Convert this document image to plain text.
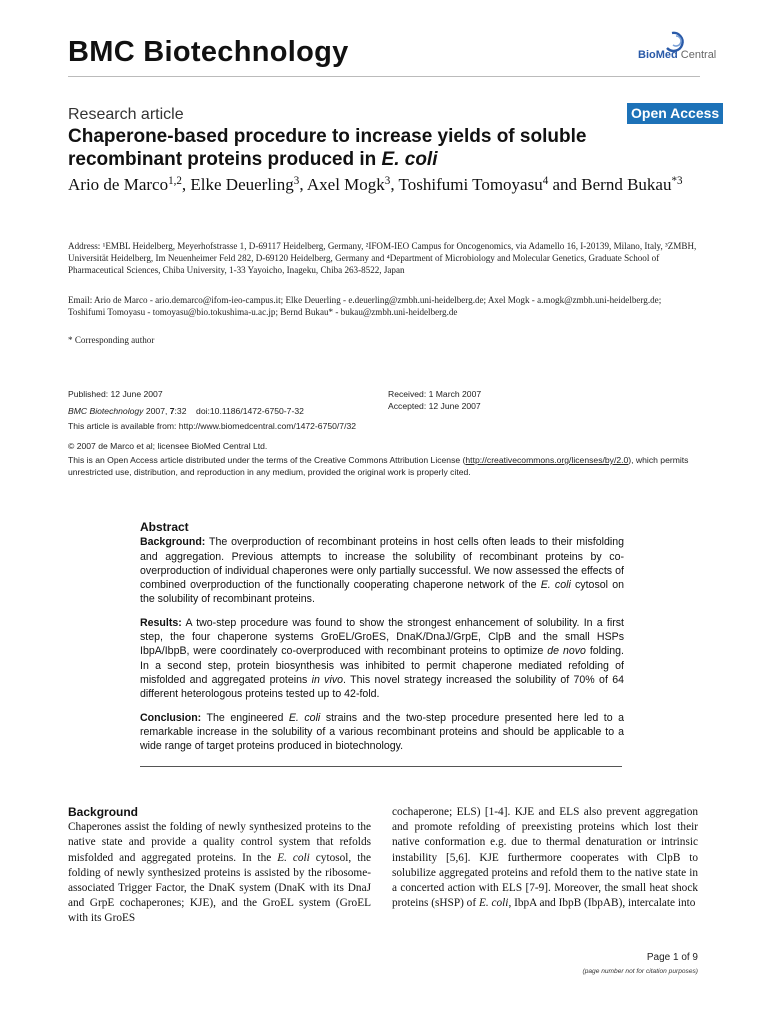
BMC Biotechnology	BioMed Central
Research article	Open Access
Chaperone-based procedure to increase yields of soluble recombinant proteins produced in E. coli
Ario de Marco$^{1,2}$, Elke Deuerling$^3$, Axel Mogk$^3$, Toshifumi Tomoyasu$^4$ and Bernd Bukau$^{*3}$
Address: ¹EMBL Heidelberg, Meyerhofstrasse 1, D-69117 Heidelberg, Germany, ²IFOM-IEO Campus for Oncogenomics, via Adamello 16, I-20139, Milano, Italy, ³ZMBH, Universität Heidelberg, Im Neuenheimer Feld 282, D-69120 Heidelberg, Germany and ⁴Department of Microbiology and Molecular Genetics, Graduate School of Pharmaceutical Sciences, Chiba University, 1-33 Yayoicho, Inageku, Chiba 263-8522, Japan
Email: Ario de Marco - ario.demarco@ifom-ieo-campus.it; Elke Deuerling - e.deuerling@zmbh.uni-heidelberg.de; Axel Mogk - a.mogk@zmbh.uni-heidelberg.de; Toshifumi Tomoyasu - tomoyasu@bio.tokushima-u.ac.jp; Bernd Bukau* - bukau@zmbh.uni-heidelberg.de
* Corresponding author
Published: 12 June 2007
BMC Biotechnology 2007, 7:32    doi:10.1186/1472-6750-7-32
Received: 1 March 2007
Accepted: 12 June 2007
This article is available from: http://www.biomedcentral.com/1472-6750/7/32
© 2007 de Marco et al; licensee BioMed Central Ltd.
This is an Open Access article distributed under the terms of the Creative Commons Attribution License (http://creativecommons.org/licenses/by/2.0), which permits unrestricted use, distribution, and reproduction in any medium, provided the original work is properly cited.
Abstract

Background: The overproduction of recombinant proteins in host cells often leads to their misfolding and aggregation. Previous attempts to increase the solubility of recombinant proteins by co-overproduction of individual chaperones were only partially successful. We now assessed the effects of combined overproduction of the functionally cooperating chaperone network of the E. coli cytosol on the solubility of recombinant proteins.

Results: A two-step procedure was found to show the strongest enhancement of solubility. In a first step, the four chaperone systems GroEL/GroES, DnaK/DnaJ/GrpE, ClpB and the small HSPs IbpA/IbpB, were coordinately co-overproduced with recombinant proteins to optimize de novo folding. In a second step, protein biosynthesis was inhibited to permit chaperone mediated refolding of misfolded and aggregated proteins in vivo. This novel strategy increased the solubility of 70% of 64 different heterologous proteins tested up to 42-fold.

Conclusion: The engineered E. coli strains and the two-step procedure presented here led to a remarkable increase in the solubility of a various recombinant proteins and should be applicable to a wide range of target proteins produced in biotechnology.

Background
Chaperones assist the folding of newly synthesized proteins to the native state and provide a quality control system that refolds misfolded and aggregated proteins. In the E. coli cytosol, the folding of newly synthesized proteins is assisted by the ribosome-associated Trigger Factor, the DnaK system (DnaK with its DnaJ and GrpE cochaperones; KJE), and the GroEL system (GroEL with its GroES
cochaperone; ELS) [1-4]. KJE and ELS also prevent aggregation and promote refolding of preexisting proteins which lost their native conformation e.g. due to thermal denaturation or intrinsic instability [5,6]. KJE furthermore cooperates with ClpB to solubilize aggregated proteins and refold them to the native state in a concerted action with ELS [7-9]. Moreover, the small heat shock proteins (sHSP) of E. coli, IbpA and IbpB (IbpAB), intercalate into
Page 1 of 9
(page number not for citation purposes)
